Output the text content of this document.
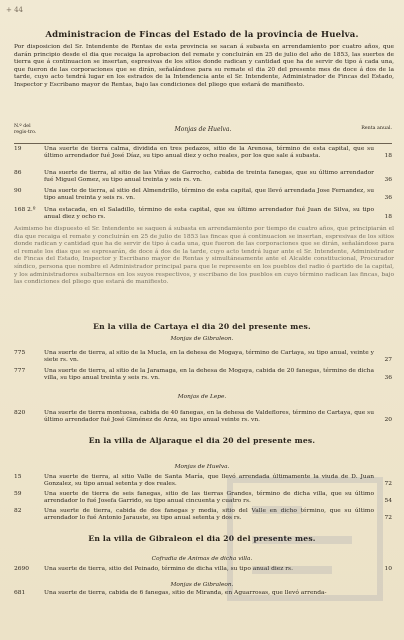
+ 44
Administracion de Fincas del Estado de la provincia de Huelva.
Por disposicion del Sr. Intendente de Rentas de esta provincia se sacan á subasta en arrendamiento por cuatro años, que darán principio desde el dia que recaiga la aprobacion del remate y concluirán en 25 de julio del año de 1853, las suertes de tierra que á continuacion se insertan, espresivas de los sitios donde radican y cantidad que ha de servir de tipo á cada una, que fueron de las corporaciones que se dirán, señalándose para su remate el dia 20 del presente mes de doce á dos de la tarde, cuyo acto tendrá lugar en los estrados de la Intendencia ante el Sr. Intendente, Administrador de Fincas del Estado, Inspector y Escribano mayor de Rentas, bajo las condiciones del pliego que estará de manifiesto.
N.º del regis-tro.	Monjas de Huelva.	Renta anual.
19	Una suerte de tierra calma, dividida en tres pedazos, sitio de la Arenosa, término de esta capital, que su último arrendador fué José Díaz, su tipo anual diez y ocho reales, por los que sale á subasta.	18
86	Una suerte de tierra, al sitio de las Viñas de Garrocho, cabida de treinta fanegas, que su último arrendador fué Miguel Gomez, su tipo anual treinta y seis rs. vn.	36
90	Una suerte de tierra, al sitio del Almendrillo, término de esta capital, que llevó arrendada Jose Fernandez, su tipo anual treinta y seis rs. vn.	36
168 2.º	Una estacada, en el Saladillo, término de esta capital, que su último arrendador fué Juan de Silva, su tipo anual diez y ocho rs.	18
Asimismo he dispuesto el Sr. Intendente se saquen á subasta en arrendamiento por tiempo de cuatro años, que principiarán el dia que recaiga el remate y concluirán en 25 de julio de 1853 las fincas que á continuacion se insertan, espresivas de los sitios donde radican y cantidad que ha de servir de tipo á cada una, que fueron de las corporaciones que se dirán, señalándose para el remate los dias que se espresarán, de doce á dos de la tarde, cuyo acto tendrá lugar ante el Sr. Intendente, Administrador de Fincas del Estado, Inspector y Escribano mayor de Rentas y simultáneamente ante el Alcalde constitucional, Procurador síndico, persona que nombre el Administrador principal para que le represente en los pueblos del radio ó partido de la capital, y los administradores subalternos en los suyos respectivos, y escribano de los pueblos en cuyo término radican las fincas, bajo las condiciones del pliego que estará de manifiesto.
En la villa de Cartaya el dia 20 del presente mes.
Monjas de Gibraleon.
775	Una suerte de tierra, al sitio de la Mucla, en la dehesa de Mogaya, término de Cartaya, su tipo anual, veinte y siete rs. vn.	27
777	Una suerte de tierra, al sitio de la Jaramaga, en la dehesa de Mogaya, cabida de 20 fanegas, término de dicha villa, su tipo anual treinta y seis rs. vn.	36
Monjas de Lepe.
820	Una suerte de tierra montuosa, cabida de 40 fanegas, en la dehesa de Valdeflores, término de Cartaya, que su último arrendador fué José Giménez de Arza, su tipo anual veinte rs. vn.	20
En la villa de Aljaraque el dia 20 del presente mes.
Monjas de Huelva.
15	Una suerte de tierra, al sitio Valle de Santa María, que llevó arrendada últimamente la viuda de D. Juan Gonzalez, su tipo anual setenta y dos reales.	72
59	Una suerte de tierra de seis fanegas, sitio de las tierras Grandes, término de dicha villa, que su último arrendador lo fué Josefa Garrido, su tipo anual cincuenta y cuatro rs.	54
82	Una suerte de tierra, cabida de dos fanegas y media, sitio del Valle en dicho término, que su último arrendador lo fué Antonio Jarauste, su tipo anual setenta y dos rs.	72
En la villa de Gibraleon el dia 20 del presente mes.
Cofradia de Animas de dicha villa.
2690	Una suerte de tierra, sitio del Peinado, término de dicha villa, su tipo anual diez rs.	10
Monjas de Gibraleon.
681	Una suerte de tierra, cabida de 6 fanegas, sitio de Miranda, en Aguarrosas, que llevó arrenda-
